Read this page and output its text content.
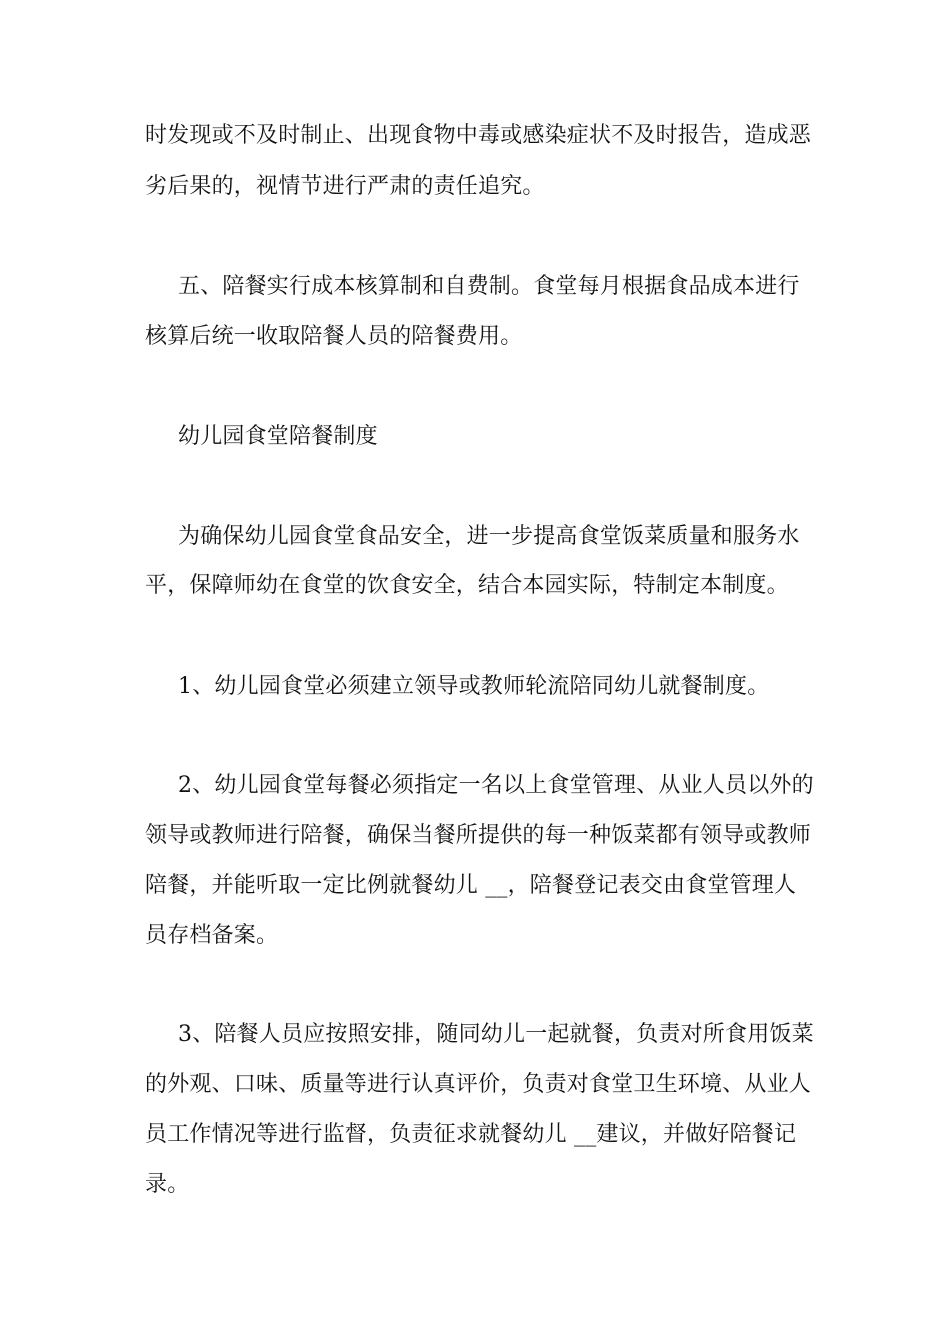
时发现或不及时制止、出现食物中毒或感染症状不及时报告，造成恶
劣后果的，视情节进行严肃的责任追究。
五、陪餐实行成本核算制和自费制。食堂每月根据食品成本进行
核算后统一收取陪餐人员的陪餐费用。
幼儿园食堂陪餐制度
为确保幼儿园食堂食品安全，进一步提高食堂饭菜质量和服务水
平，保障师幼在食堂的饮食安全，结合本园实际，特制定本制度。
1、幼儿园食堂必须建立领导或教师轮流陪同幼儿就餐制度。
2、幼儿园食堂每餐必须指定一名以上食堂管理、从业人员以外的
领导或教师进行陪餐，确保当餐所提供的每一种饭菜都有领导或教师
陪餐，并能听取一定比例就餐幼儿 __，陪餐登记表交由食堂管理人
员存档备案。
3、陪餐人员应按照安排，随同幼儿一起就餐，负责对所食用饭菜
的外观、口味、质量等进行认真评价，负责对食堂卫生环境、从业人
员工作情况等进行监督，负责征求就餐幼儿 __建议，并做好陪餐记
录。
